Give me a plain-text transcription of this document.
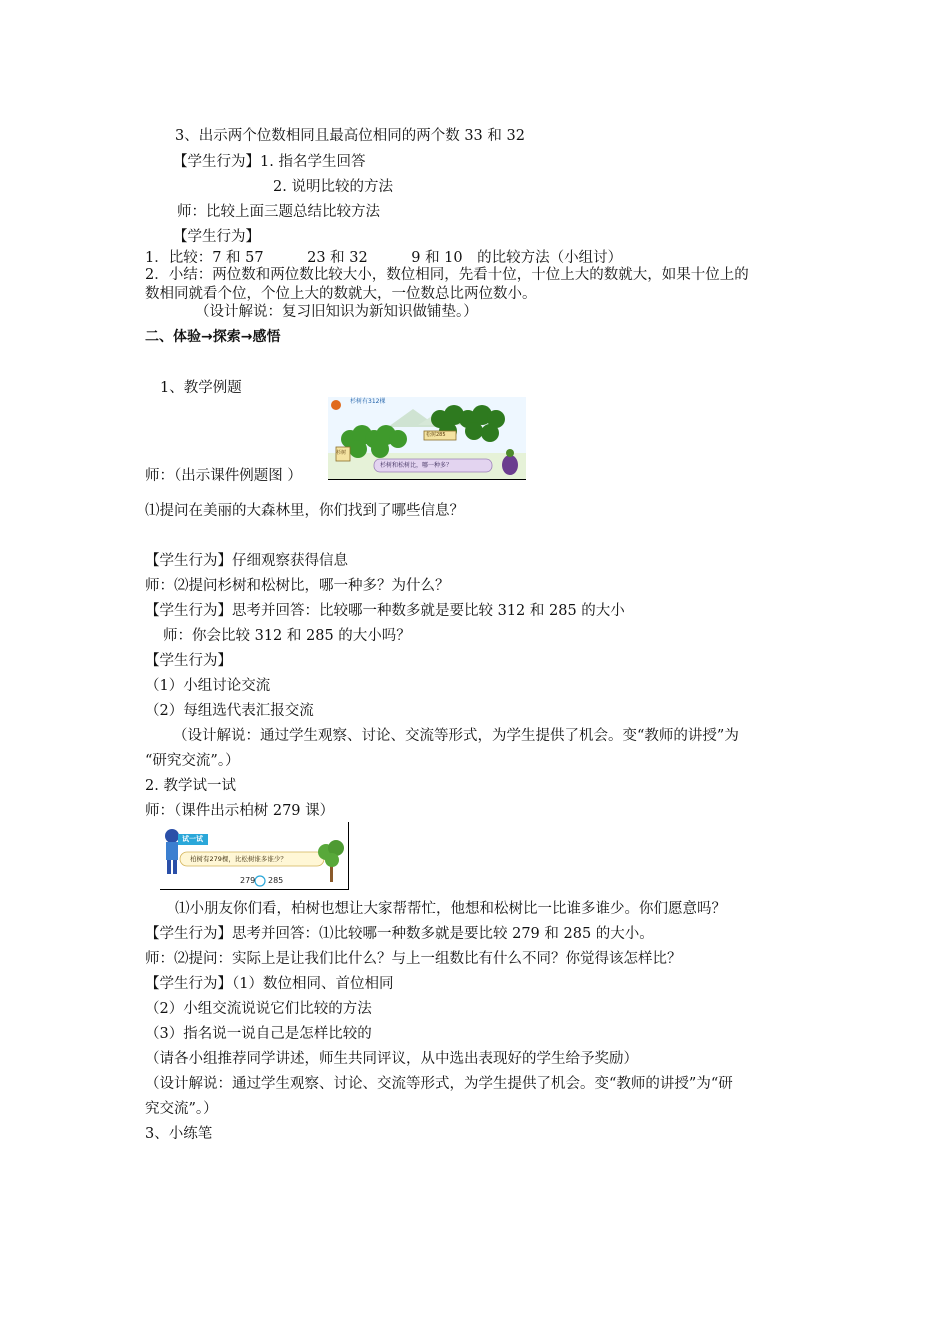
3、出示两个位数相同且最高位相同的两个数 33 和 32
【学生行为】1. 指名学生回答
2. 说明比较的方法
师：比较上面三题总结比较方法
【学生行为】
1．比较：7 和 57　　　23 和 32　　　9 和 10　的比较方法（小组讨）
2．小结：两位数和两位数比较大小，数位相同，先看十位，十位上大的数就大，如果十位上的
数相同就看个位，个位上大的数就大，一位数总比两位数小。
（设计解说：复习旧知识为新知识做铺垫。）
二、体验→探索→感悟
1、教学例题
杉树有312棵
杉树
松树285
杉树和松树比，哪一种多？
师：（出示课件例题图 ）
⑴提问在美丽的大森林里，你们找到了哪些信息？
【学生行为】仔细观察获得信息
师：⑵提问杉树和松树比，哪一种多？为什么？
【学生行为】思考并回答：比较哪一种数多就是要比较 312 和 285 的大小
师：你会比较 312 和 285 的大小吗？
【学生行为】
（1）小组讨论交流
（2）每组选代表汇报交流
（设计解说：通过学生观察、讨论、交流等形式，为学生提供了机会。变“教师的讲授”为
“研究交流”。）
2. 教学试一试
师：（课件出示柏树 279 课）
试一试
柏树有279棵，比松树谁多谁少？
279 285
⑴小朋友你们看，柏树也想让大家帮帮忙，他想和松树比一比谁多谁少。你们愿意吗？
【学生行为】思考并回答：⑴比较哪一种数多就是要比较 279 和 285 的大小。
师：⑵提问：实际上是让我们比什么？与上一组数比有什么不同？你觉得该怎样比？
【学生行为】（1）数位相同、首位相同
（2）小组交流说说它们比较的方法
（3）指名说一说自己是怎样比较的
（请各小组推荐同学讲述，师生共同评议，从中选出表现好的学生给予奖励）
（设计解说：通过学生观察、讨论、交流等形式，为学生提供了机会。变“教师的讲授”为“研
究交流”。）
3、小练笔
